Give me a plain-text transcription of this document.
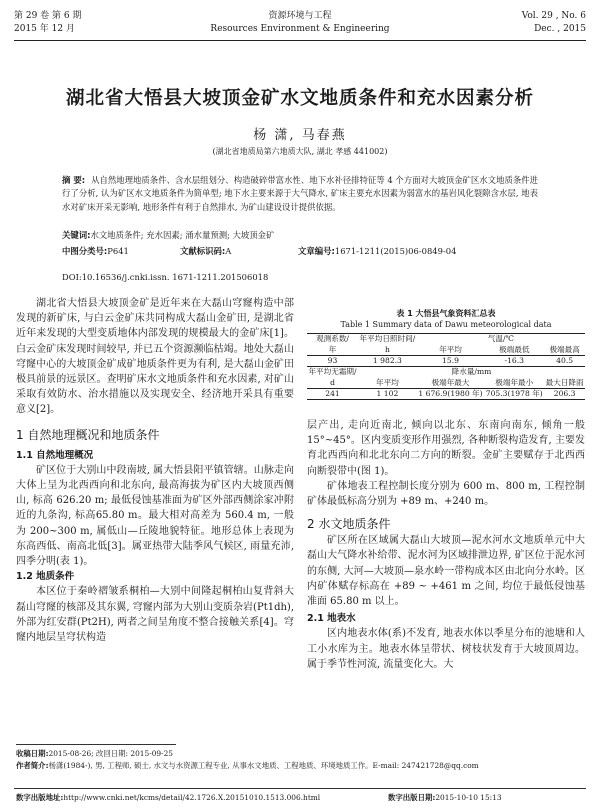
第 29 卷 第 6 期
2015 年 12 月
资源环境与工程
Resources Environment & Engineering
Vol. 29 , No. 6
Dec. , 2015
湖北省大悟县大坡顶金矿水文地质条件和充水因素分析
杨 潇, 马春燕
(湖北省地质局第六地质大队, 湖北 孝感 441002)
摘 要: 从自然地理地质条件、含水层组划分、构造破碎带富水性、地下水补径排特征等 4 个方面对大坡顶金矿区水文地质条件进行了分析, 认为矿区水文地质条件为简单型; 地下水主要来源于大气降水, 矿床主要充水因素为弱富水的基岩风化裂隙含水层, 地表水对矿床开采无影响, 地形条件有利于自然排水, 为矿山建设设计提供依据。
关键词:水文地质条件; 充水因素; 涌水量预测; 大坡顶金矿
中图分类号:P641	文献标识码:A	文章编号:1671-1211(2015)06-0849-04
DOI:10.16536/j.cnki.issn. 1671-1211.201506018

湖北省大悟县大坡顶金矿是近年来在大磊山穹窿构造中部发现的新矿床, 与白云金矿床共同构成大磊山金矿田, 是湖北省近年来发现的大型变质地体内部发现的规模最大的金矿床[1]。白云金矿床发现时间较早, 并已五个资源濒临枯竭。地处大磊山穹窿中心的大坡顶金矿成矿地质条件更为有利, 是大磊山金矿田极具前景的远景区。查明矿床水文地质条件和充水因素, 对矿山采取有效防水、治水措施以及实现安全、经济地开采具有重要意义[2]。

1 自然地理概况和地质条件
1.1 自然地理概况

矿区位于大别山中段南坡, 属大悟县阳平镇管辖。山脉走向大体上呈为北西西向和北东向, 最高海拔为矿区内大坡顶西侧山, 标高 626.20 m; 最低侵蚀基准面为矿区外部西侧涂家冲附近的九条沟, 标高65.80 m。最大相对高差为 560.4 m, 一般为 200~300 m, 属低山—丘陵地貌特征。地形总体上表现为东高西低、南高北低[3]。属亚热带大陆季风气候区, 雨量充沛, 四季分明(表 1)。

1.2 地质条件

本区位于秦岭褶皱系桐柏—大别中间隆起桐柏山复背斜大磊山穹窿的核部及其东翼, 穹窿内部为大别山变质杂岩(Pt1dh), 外部为红安群(Pt2H), 两者之间呈角度不整合接触关系[4]。穹窿内地层呈穹状构造

表 1 大悟县气象资料汇总表
Table 1 Summary data of Dawu meteorological data
观测系数/	年平均日照时间/	气温/℃		
年	h	年平均	极端最低	极端最高
93	1 982.3	15.9	-16.3	40.5
年平均无霜期/	降水量/mm			
d	年平均	极端年最大	极端年最小	最大日降雨
241	1 102	1 676.9(1980 年)	705.3(1978 年)	206.3

层产出, 走向近南北, 倾向以北东、东南向南东, 倾角一般 15°~45°。区内变质变形作用强烈, 各种断裂构造发育, 主要发育北西西向和北北东向二方向的断裂。金矿主要赋存于北西西向断裂带中(图 1)。

矿体地表工程控制长度分别为 600 m、800 m, 工程控制矿体最低标高分别为 +89 m、+240 m。

2 水文地质条件

矿区所在区域属大磊山大坡顶—泥水河水文地质单元中大磊山大气降水补给带、泥水河为区域排泄边界, 矿区位于泥水河的东侧, 大河—大坡顶—泉水岭一带构成本区由北向分水岭。区内矿体赋存标高在 +89 ~ +461 m 之间, 均位于最低侵蚀基准面 65.80 m 以上。

2.1 地表水

区内地表水体(系)不发育, 地表水体以季星分布的池塘和人工小水库为主。地表水体呈带状、树枝状发育于大坡顶周边。属于季节性河流, 流量变化大。大

收稿日期:2015-08-26; 改回日期: 2015-09-25
作者简介:杨潇(1984-), 男, 工程师, 硕士, 水文与水资源工程专业, 从事水文地质、工程地质、环境地质工作。E-mail: 247421728@qq.com
数字出版地址:http://www.cnki.net/kcms/detail/42.1726.X.20151010.1513.006.html	数字出版日期:2015-10-10 15:13
